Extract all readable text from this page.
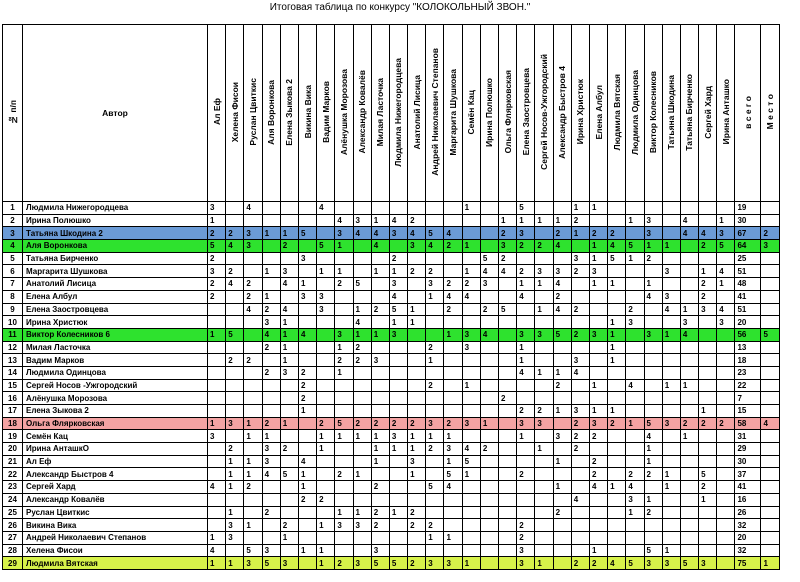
Итоговая таблица по конкурсу "КОЛОКОЛЬНЫЙ ЗВОН."
№ п/п	Автор	Ал Еф	Хелена Фисои	Руслан Цвиткис	Аля Воронкова	Елена Зыкова 2	Викина Вика	Вадим Марков	Алёнушка Морозова	Александр Ковалёв	Милая Ласточка	Людмила Нижегородцева	Анатолий Лисица	Андрей Николаевич Степанов	Маргарита Шушкова	Семён Кац	Ирина Полюшко	Ольга Флярковская	Елена Заостровцева	Сергей Носов-Ужгородский	Александр Быстров 4	Ирина Христюк	Елена Албул	Людмила Вятская	Людмила Одинцова	Виктор Колесников	Татьяна Шкодина	Татьяна Бирченко	Сергей Хард	Ирина Анташко	в с е г о	М е с т о
1	Людмила Нижегородцева	3		4				4								1			5			1	1								19	
2	Ирина Полюшко	1							4	3	1	4	2					1	1	1	1	2			1	3		4		1	30	
3	Татьяна Шкодина 2	2	2	3	1	1	5		3	4	4	3	4	5	4			2	3		2	1	2	2		3		4	4	3	67	2
4	Аля Воронкова	5	4	3		2		5	1		4		3	4	2	1		3	2	2	4		1	4	5	1	1		2	5	64	3
5	Татьяна Бирченко	2					3					2					5	2				3	1	5	1	2					25	
6	Маргарита Шушкова	3	2		1	3		1	1		1	1	2	2		1	4	4	2	3	3	2	3				3		1	4	51	
7	Анатолий Лисица	2	4	2		4	1		2	5		3		3	2	2	3		1	1	4		1	1		1			2	1	48	
8	Елена Албул	2		2	1		3	3				4		1	4	4			4		2					4	3		2		41	
9	Елена Заостровцева			4	2	4		3		1	2	5	1		2		2	5		1	4	2			2		4	1	3	4	51	
10	Ирина Христюк				3	1				4		1	1											1	3			3		3	20	
11	Виктор Колесников 6	1	5		4	1	4		3	1	1	3			1	3	4		3	3	5	2	3	1		3	1	4			56	5
12	Милая Ласточка				2	1			1	2				2		3			1					1							13	
13	Вадим Марков		2	2		1			2	2	3			1					1			3		1							18	
14	Людмила Одинцова				2	3	2		1										4	1	1	4									23	
15	Сергей Носов -Ужгородский						2							2		1					2		1		4		1	1			22	
16	Алёнушка Морозова						2											2													7	
17	Елена Зыкова 2						1												2	2	1	3	1	1					1		15	
18	Ольга Флярковская	1	3	1	2	1		2	5	2	2	2	2	3	2	3	1		3	3		2	3	2	1	5	3	2	2	2	58	4
19	Семён Кац	3		1	1			1	1	1	1	3	1	1	1				1		3	2	2			4		1			31	
20	Ирина АнташкО		2		3	2		1			1	1	1	2	3	4	2			1		2				1					29	
21	Ал Еф		1	1	3		4				1		3		1	5					1		2			1					30	
22	Александр Быстров 4		1	1	4	5	1		2	1			1		5	1			2				2		2	2	1		5		37	
23	Сергей Хард	4	1	2			1				2			5	4						1		4	1	4		1		2		41	
24	Александр Ковалёв						2	2														4			3	1			1		16	
25	Руслан Цвиткис		1		2				1	1	2	1	2								2				1	2					26	
26	Викина Вика		3	1		2		1	3	3	2		2	2					2												32	
27	Андрей Николаевич Степанов	1	3			1								1	1				2												20	
28	Хелена Фисои	4		5	3		1	1			3								3				1			5	1				32	
29	Людмила Вятская	1	1	3	5	3		1	2	3	5	5	2	3	3	1			3	1		2	2	4	5	3	3	5	3		75	1
